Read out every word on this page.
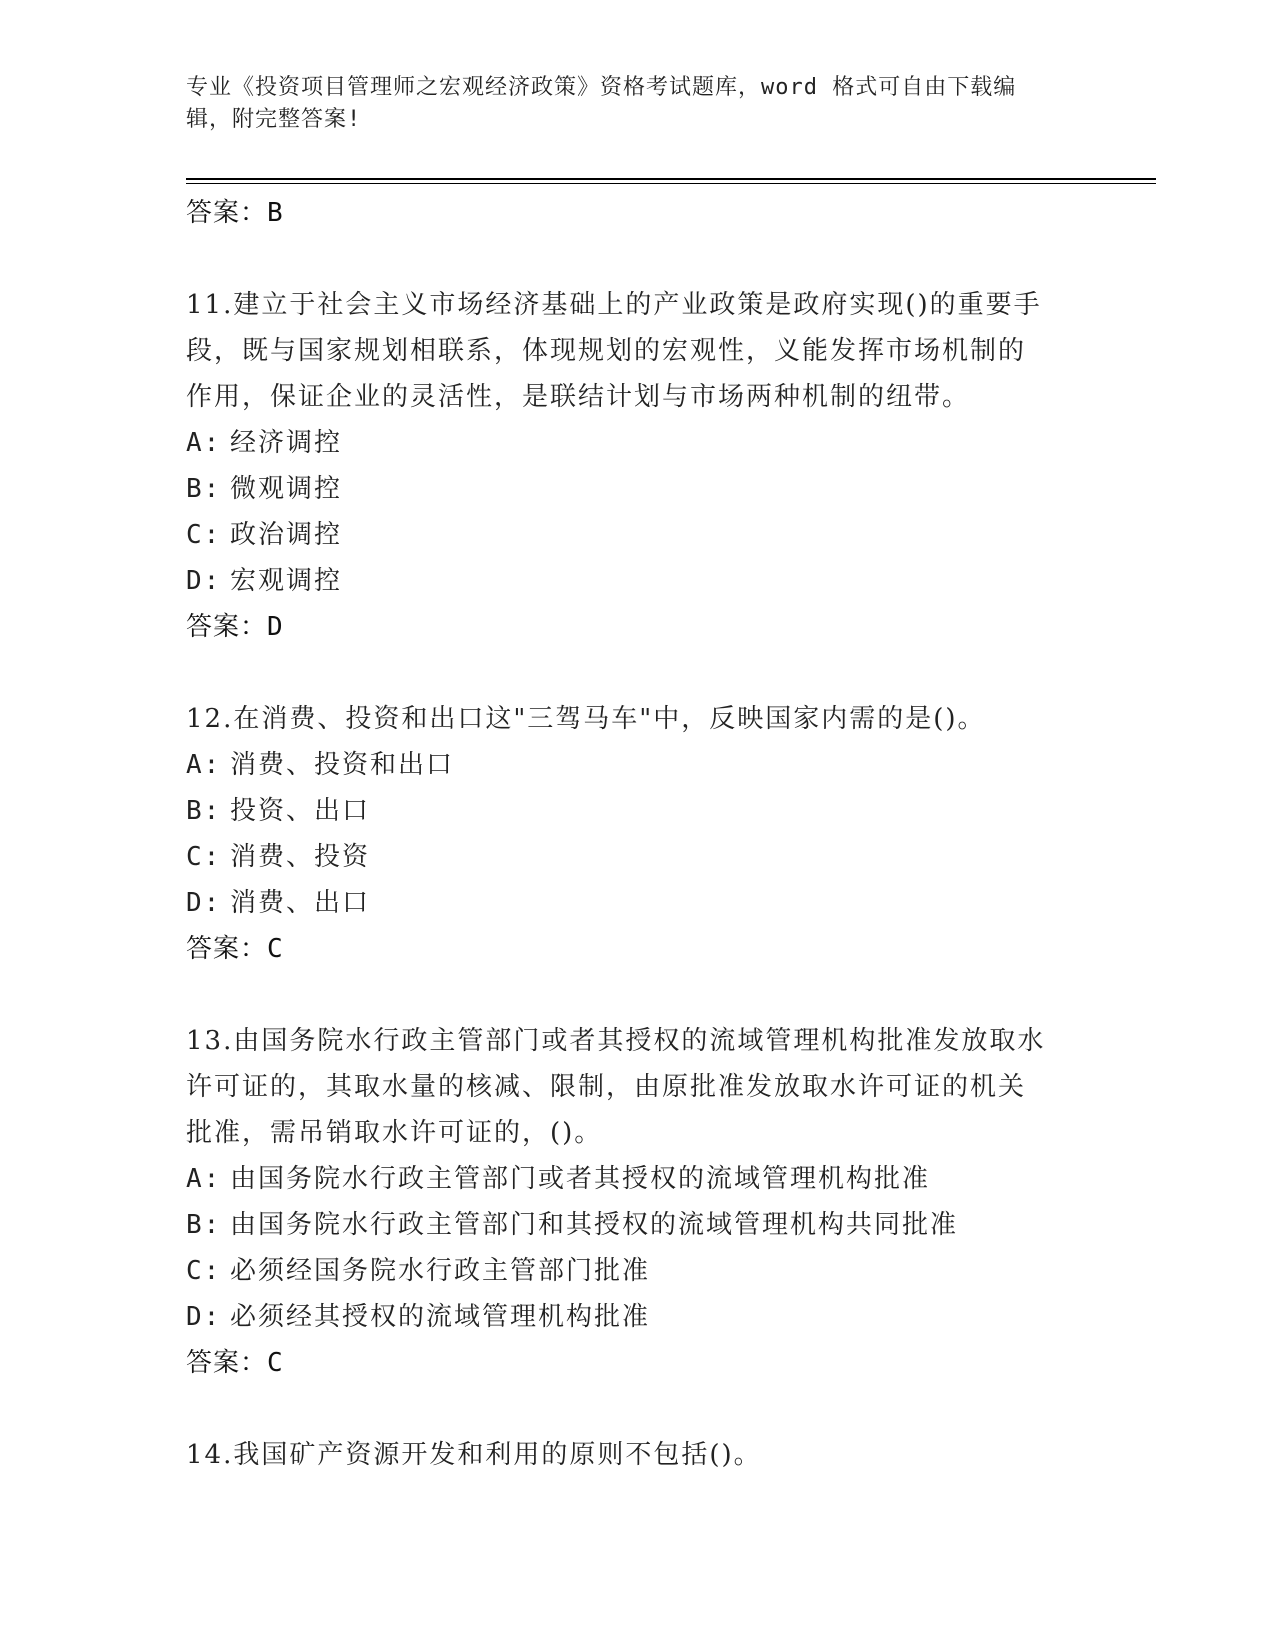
专业《投资项目管理师之宏观经济政策》资格考试题库，word 格式可自由下载编
辑，附完整答案!
答案：B
11.建立于社会主义市场经济基础上的产业政策是政府实现()的重要手
段，既与国家规划相联系，体现规划的宏观性，义能发挥市场机制的
作用，保证企业的灵活性，是联结计划与市场两种机制的纽带。
A: 经济调控
B: 微观调控
C: 政治调控
D: 宏观调控
答案：D
12.在消费、投资和出口这"三驾马车"中，反映国家内需的是()。
A: 消费、投资和出口
B: 投资、出口
C: 消费、投资
D: 消费、出口
答案：C
13.由国务院水行政主管部门或者其授权的流域管理机构批准发放取水
许可证的，其取水量的核减、限制，由原批准发放取水许可证的机关
批准，需吊销取水许可证的，()。
A: 由国务院水行政主管部门或者其授权的流域管理机构批准
B: 由国务院水行政主管部门和其授权的流域管理机构共同批准
C: 必须经国务院水行政主管部门批准
D: 必须经其授权的流域管理机构批准
答案：C
14.我国矿产资源开发和利用的原则不包括()。
